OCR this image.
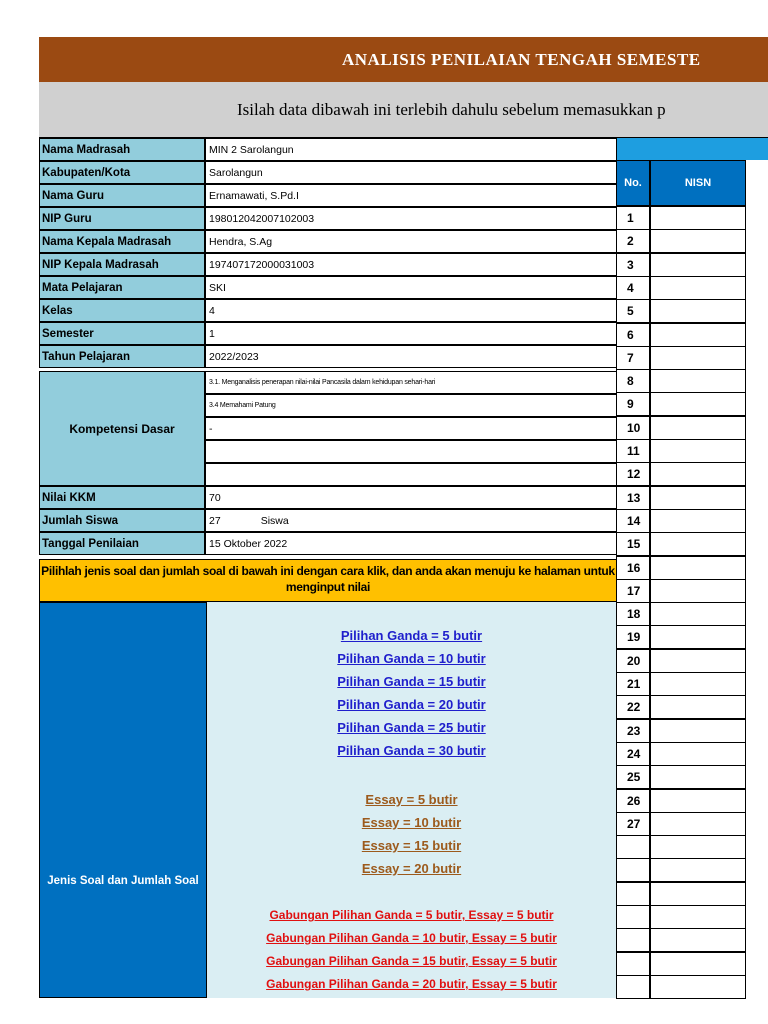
ANALISIS PENILAIAN TENGAH SEMESTE
Isilah data dibawah ini terlebih dahulu sebelum memasukkan p
Nama Madrasah	MIN 2 Sarolangun
Kabupaten/Kota	Sarolangun
Nama Guru	Ernamawati, S.Pd.I
NIP Guru	198012042007102003
Nama Kepala Madrasah	Hendra, S.Ag
NIP Kepala Madrasah	197407172000031003
Mata Pelajaran	SKI
Kelas	4
Semester	1
Tahun Pelajaran	2022/2023
Kompetensi Dasar
3.1. Menganalisis penerapan nilai-nilai Pancasila dalam kehidupan sehari-hari
3.4 Memahami Patung
-
Nilai KKM	70
Jumlah Siswa	27	Siswa
Tanggal Penilaian	15 Oktober 2022
Pilihlah jenis soal dan jumlah soal di bawah ini dengan cara klik, dan anda akan menuju ke halaman untuk menginput nilai
Jenis Soal dan Jumlah Soal
Pilihan Ganda = 5 butir
Pilihan Ganda = 10 butir
Pilihan Ganda = 15 butir
Pilihan Ganda = 20 butir
Pilihan Ganda = 25 butir
Pilihan Ganda = 30 butir
Essay = 5 butir
Essay = 10 butir
Essay = 15 butir
Essay = 20 butir
Gabungan Pilihan Ganda = 5 butir, Essay = 5 butir
Gabungan Pilihan Ganda = 10 butir, Essay = 5 butir
Gabungan Pilihan Ganda = 15 butir, Essay = 5 butir
Gabungan Pilihan Ganda = 20 butir, Essay = 5 butir
No.	NISN
1
2
3
4
5
6
7
8
9
10
11
12
13
14
15
16
17
18
19
20
21
22
23
24
25
26
27
